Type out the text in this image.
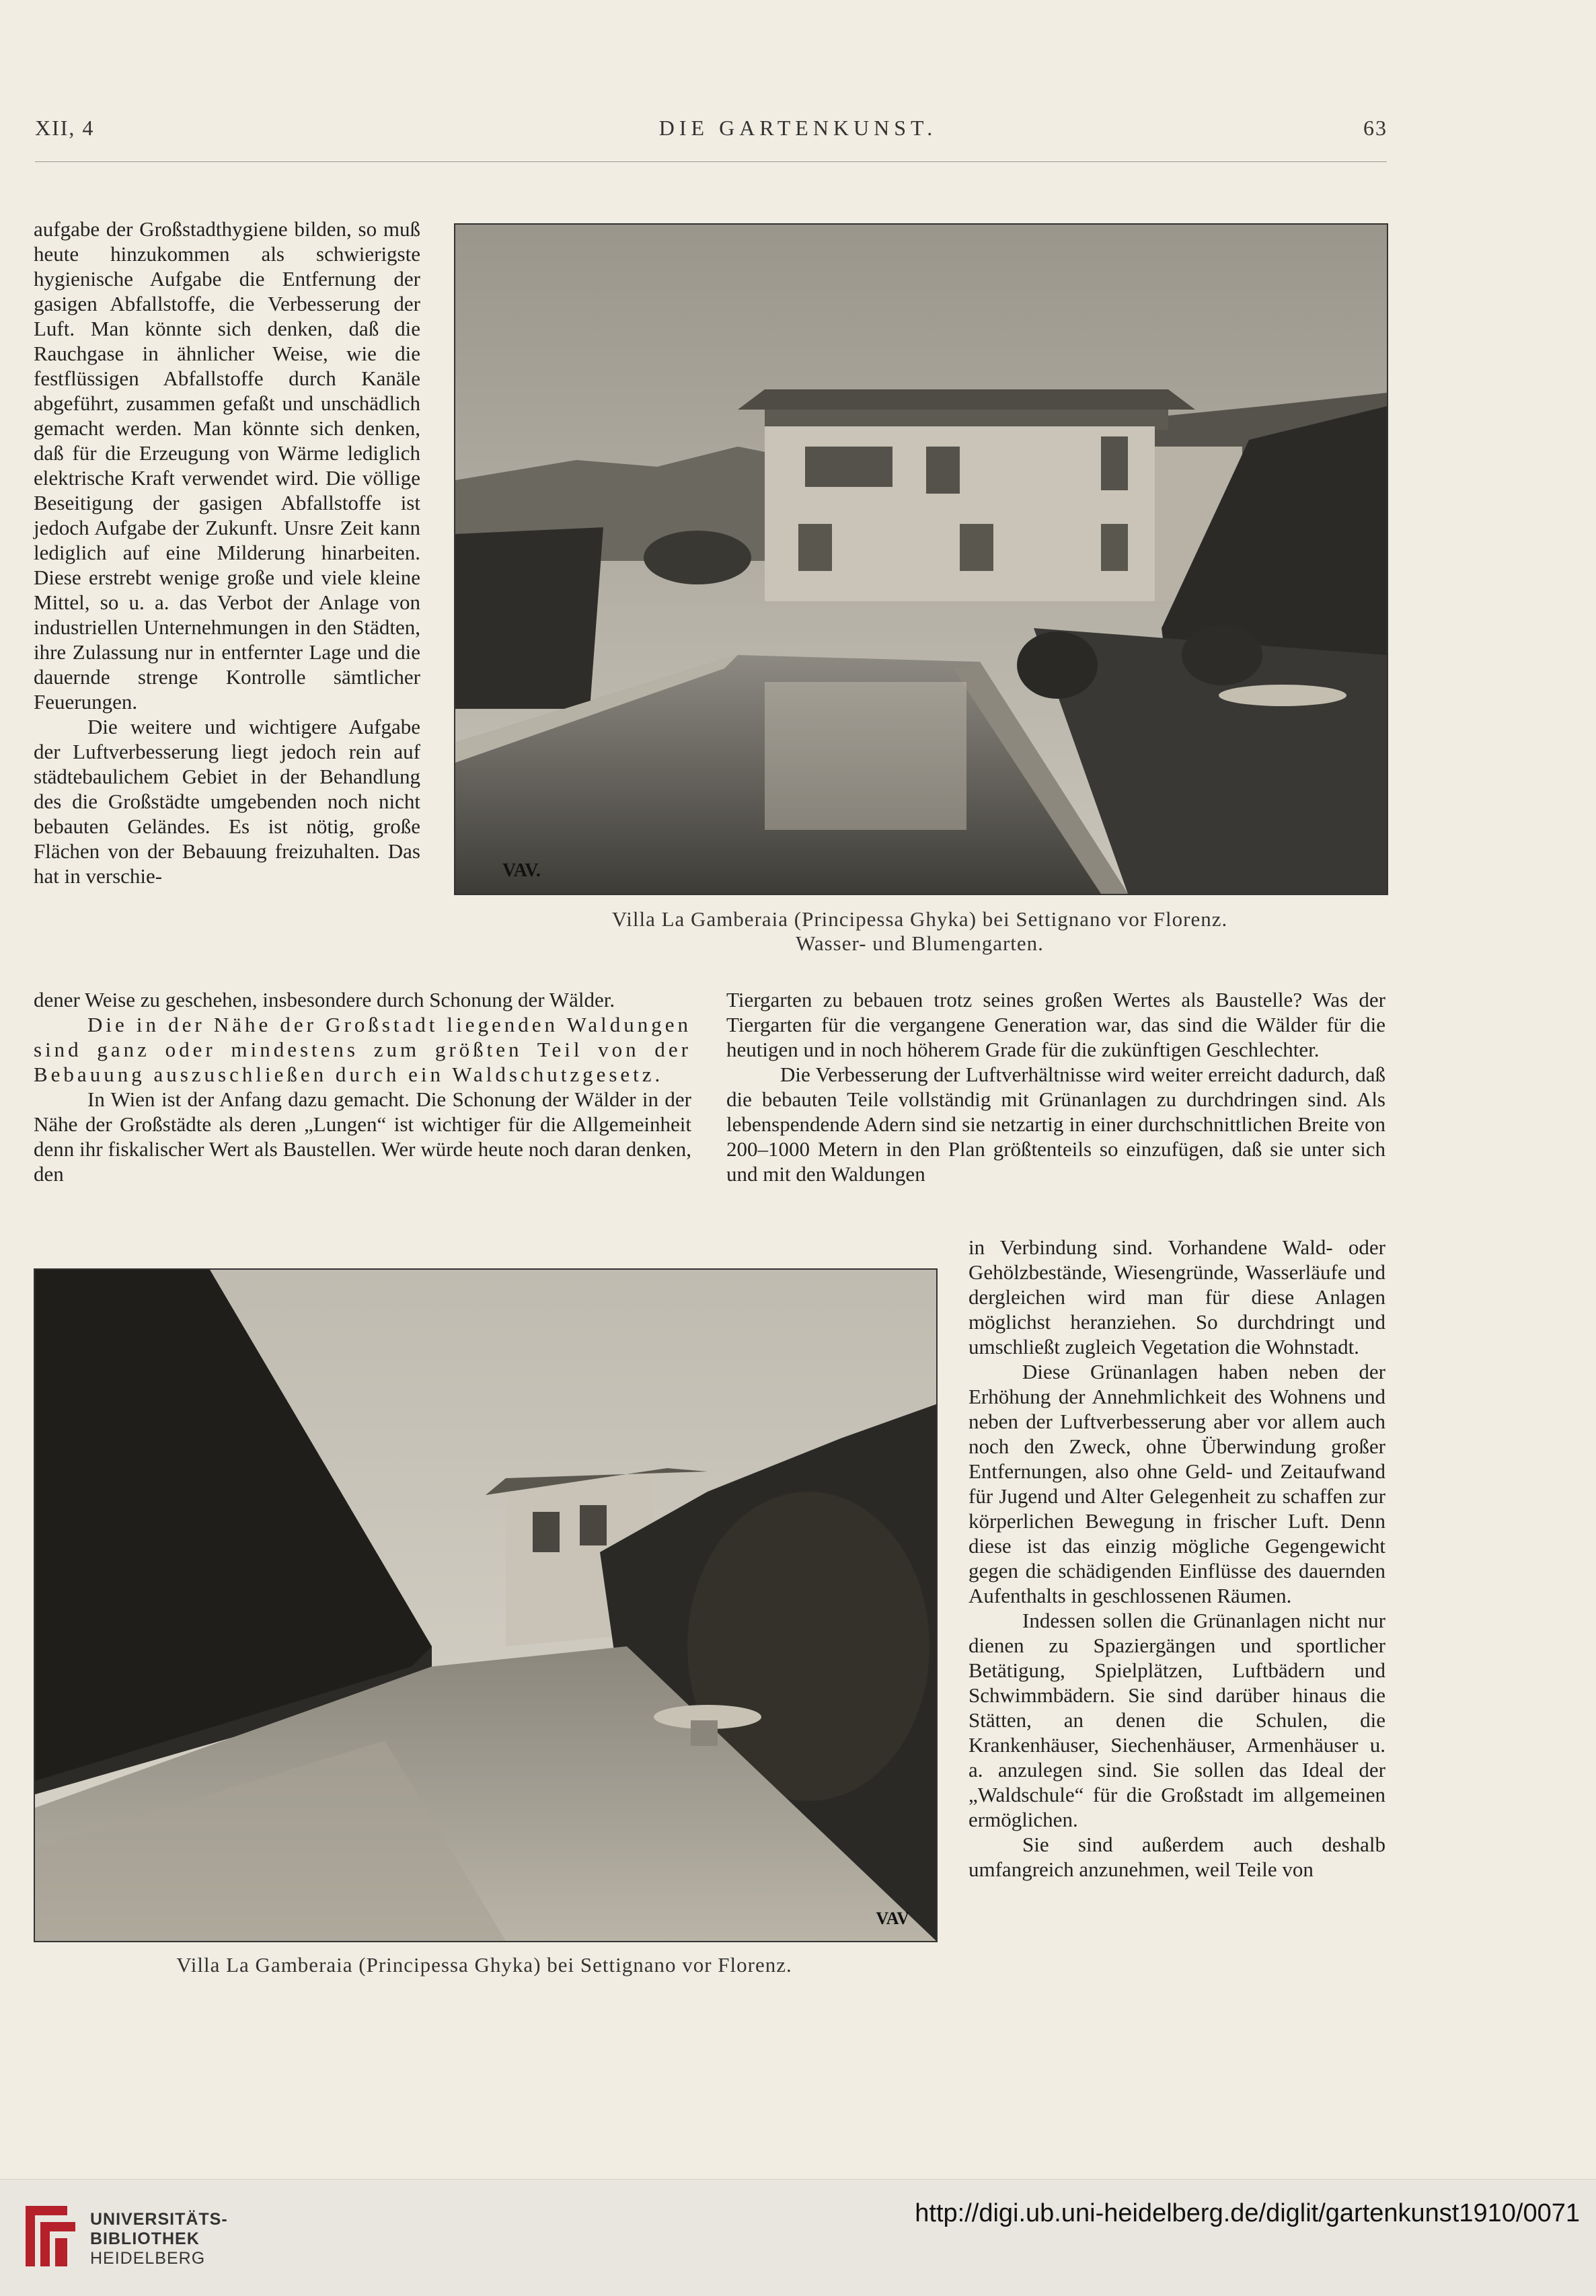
XII, 4	DIE GARTENKUNST.	63

aufgabe der Großstadthygiene bilden, so muß heute hinzukommen als schwierigste hygienische Aufgabe die Entfernung der gasigen Abfallstoffe, die Verbesserung der Luft. Man könnte sich denken, daß die Rauchgase in ähnlicher Weise, wie die festflüssigen Abfallstoffe durch Kanäle abgeführt, zusammen gefaßt und unschädlich gemacht werden. Man könnte sich denken, daß für die Erzeugung von Wärme lediglich elektrische Kraft verwendet wird. Die völlige Beseitigung der gasigen Abfallstoffe ist jedoch Aufgabe der Zukunft. Unsre Zeit kann lediglich auf eine Milderung hinarbeiten. Diese erstrebt wenige große und viele kleine Mittel, so u. a. das Verbot der Anlage von industriellen Unternehmungen in den Städten, ihre Zulassung nur in entfernter Lage und die dauernde strenge Kontrolle sämtlicher Feuerungen.

Die weitere und wichtigere Aufgabe der Luftverbesserung liegt jedoch rein auf städtebaulichem Gebiet in der Behandlung des die Großstädte umgebenden noch nicht bebauten Geländes. Es ist nötig, große Flächen von der Bebauung freizuhalten. Das hat in verschie-	VAV.
Villa La Gamberaia (Principessa Ghyka) bei Settignano vor Florenz.
Wasser- und Blumengarten.

dener Weise zu geschehen, insbesondere durch Schonung der Wälder.

Die in der Nähe der Großstadt liegenden Waldungen sind ganz oder mindestens zum größten Teil von der Bebauung auszuschließen durch ein Waldschutzgesetz.

In Wien ist der Anfang dazu gemacht. Die Schonung der Wälder in der Nähe der Großstädte als deren „Lungen“ ist wichtiger für die Allgemeinheit denn ihr fiskalischer Wert als Baustellen. Wer würde heute noch daran denken, den

Tiergarten zu bebauen trotz seines großen Wertes als Baustelle? Was der Tiergarten für die vergangene Generation war, das sind die Wälder für die heutigen und in noch höherem Grade für die zukünftigen Geschlechter.

Die Verbesserung der Luftverhältnisse wird weiter erreicht dadurch, daß die bebauten Teile vollständig mit Grünanlagen zu durchdringen sind. Als lebenspendende Adern sind sie netzartig in einer durchschnittlichen Breite von 200–1000 Metern in den Plan größtenteils so einzufügen, daß sie unter sich und mit den Waldungen

VAV
Villa La Gamberaia (Principessa Ghyka) bei Settignano vor Florenz.

in Verbindung sind. Vorhandene Wald- oder Gehölzbestände, Wiesengründe, Wasserläufe und dergleichen wird man für diese Anlagen möglichst heranziehen. So durchdringt und umschließt zugleich Vegetation die Wohnstadt.

Diese Grünanlagen haben neben der Erhöhung der Annehmlichkeit des Wohnens und neben der Luftverbesserung aber vor allem auch noch den Zweck, ohne Überwindung großer Entfernungen, also ohne Geld- und Zeitaufwand für Jugend und Alter Gelegenheit zu schaffen zur körperlichen Bewegung in frischer Luft. Denn diese ist das einzig mögliche Gegengewicht gegen die schädigenden Einflüsse des dauernden Aufenthalts in geschlossenen Räumen.

Indessen sollen die Grünanlagen nicht nur dienen zu Spaziergängen und sportlicher Betätigung, Spielplätzen, Luftbädern und Schwimmbädern. Sie sind darüber hinaus die Stätten, an denen die Schulen, die Krankenhäuser, Siechenhäuser, Armenhäuser u. a. anzulegen sind. Sie sollen das Ideal der „Waldschule“ für die Großstadt im allgemeinen ermöglichen.

Sie sind außerdem auch deshalb umfangreich anzunehmen, weil Teile von

UNIVERSITÄTS-
BIBLIOTHEK
HEIDELBERG
http://digi.ub.uni-heidelberg.de/diglit/gartenkunst1910/0071
